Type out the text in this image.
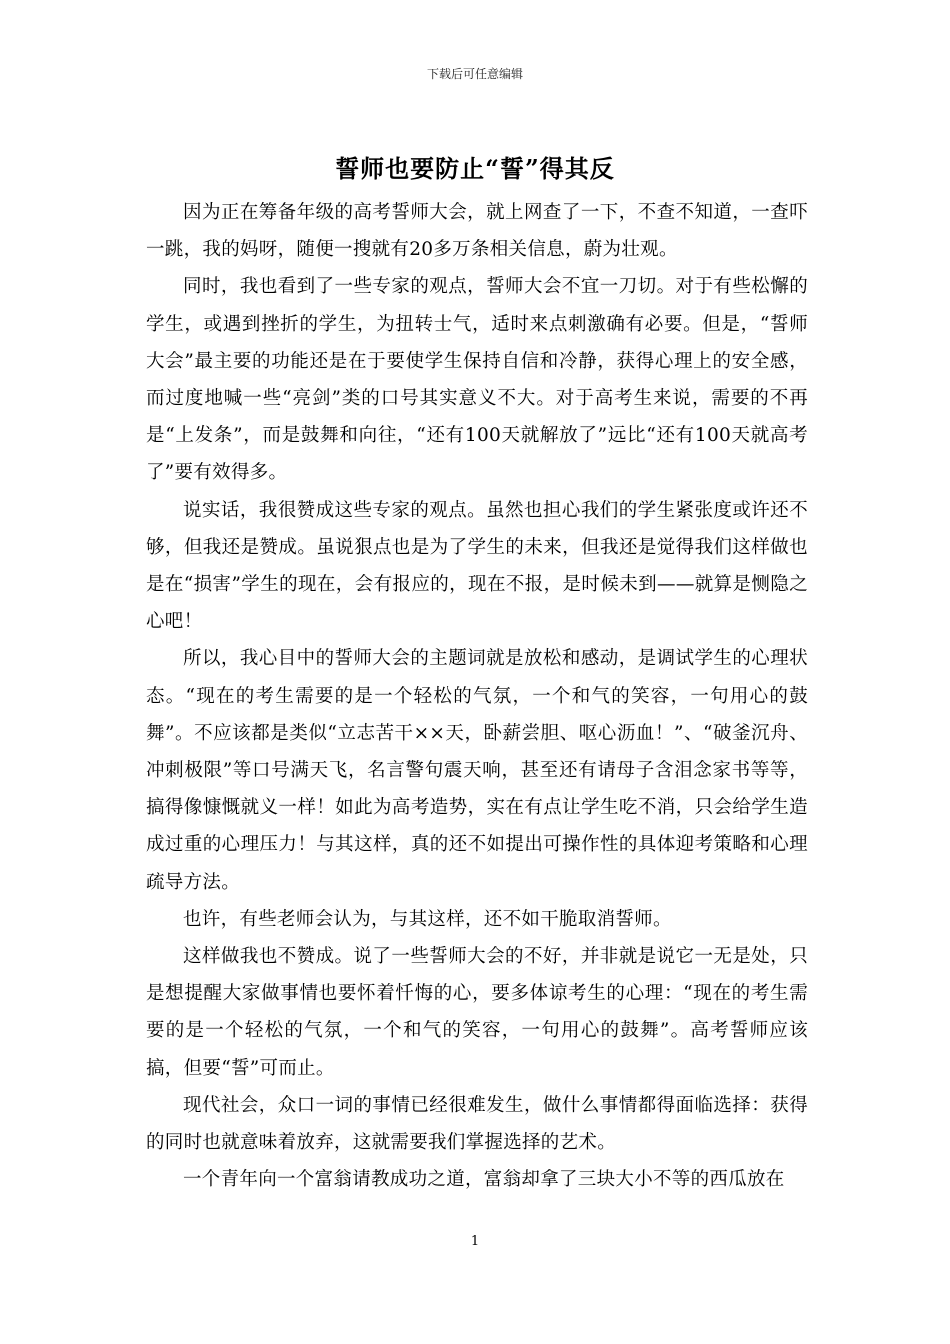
下载后可任意编辑
誓师也要防止“誓”得其反

因为正在筹备年级的高考誓师大会，就上网查了一下，不查不知道，一查吓一跳，我的妈呀，随便一搜就有20多万条相关信息，蔚为壮观。

同时，我也看到了一些专家的观点，誓师大会不宜一刀切。对于有些松懈的学生，或遇到挫折的学生，为扭转士气，适时来点刺激确有必要。但是，“誓师大会”最主要的功能还是在于要使学生保持自信和冷静，获得心理上的安全感，而过度地喊一些“亮剑”类的口号其实意义不大。对于高考生来说，需要的不再是“上发条”，而是鼓舞和向往，“还有100天就解放了”远比“还有100天就高考了”要有效得多。

说实话，我很赞成这些专家的观点。虽然也担心我们的学生紧张度或许还不够，但我还是赞成。虽说狠点也是为了学生的未来，但我还是觉得我们这样做也是在“损害”学生的现在，会有报应的，现在不报，是时候未到——就算是恻隐之心吧！

所以，我心目中的誓师大会的主题词就是放松和感动，是调试学生的心理状态。“现在的考生需要的是一个轻松的气氛，一个和气的笑容，一句用心的鼓舞”。不应该都是类似“立志苦干××天，卧薪尝胆、呕心沥血！”、“破釜沉舟、冲刺极限”等口号满天飞，名言警句震天响，甚至还有请母子含泪念家书等等，搞得像慷慨就义一样！如此为高考造势，实在有点让学生吃不消，只会给学生造成过重的心理压力！与其这样，真的还不如提出可操作性的具体迎考策略和心理疏导方法。

也许，有些老师会认为，与其这样，还不如干脆取消誓师。

这样做我也不赞成。说了一些誓师大会的不好，并非就是说它一无是处，只是想提醒大家做事情也要怀着忏悔的心，要多体谅考生的心理：“现在的考生需要的是一个轻松的气氛，一个和气的笑容，一句用心的鼓舞”。高考誓师应该搞，但要“誓”可而止。

现代社会，众口一词的事情已经很难发生，做什么事情都得面临选择：获得的同时也就意味着放弃，这就需要我们掌握选择的艺术。

一个青年向一个富翁请教成功之道，富翁却拿了三块大小不等的西瓜放在

1
